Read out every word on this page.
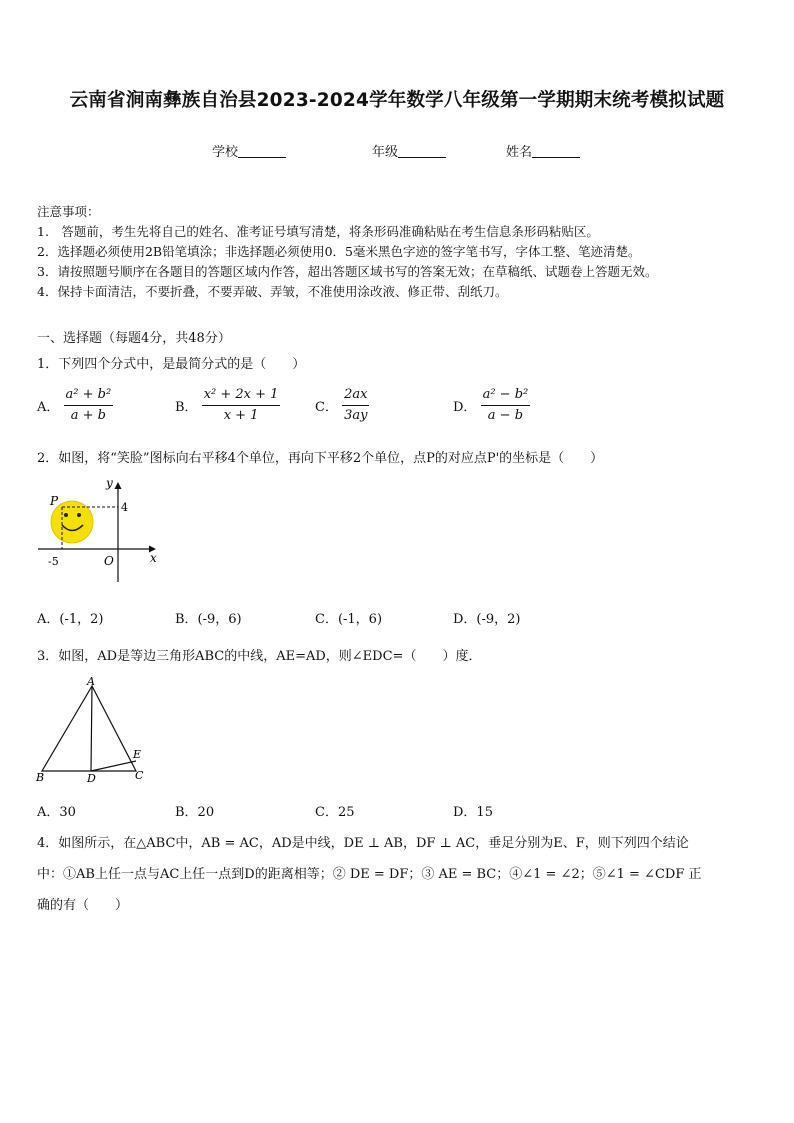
云南省涧南彝族自治县2023-2024学年数学八年级第一学期期末统考模拟试题
学校	年级	姓名
注意事项：
1.　答题前，考生先将自己的姓名、准考证号填写清楚，将条形码准确粘贴在考生信息条形码粘贴区。
2．选择题必须使用2B铅笔填涂；非选择题必须使用0．5毫米黑色字迹的签字笔书写，字体工整、笔迹清楚。
3．请按照题号顺序在各题目的答题区域内作答，超出答题区域书写的答案无效；在草稿纸、试题卷上答题无效。
4．保持卡面清洁，不要折叠，不要弄破、弄皱，不准使用涂改液、修正带、刮纸刀。
一、选择题（每题4分，共48分）
1．下列四个分式中，是最简分式的是（　　）
A． $\frac{\text{a² + b²}}{a + b}$	B． $\frac{\text{x² + 2x + 1}}{x + 1}$	C． $\frac{2ax}{3ay}$	D． $\frac{\text{a² − b²}}{a - b}$
2．如图，将“笑脸”图标向右平移4个单位，再向下平移2个单位，点P的对应点P'的坐标是（　　）
P
y
x
O
4
-5
A．(-1，2)	B．(-9，6)	C．(-1，6)	D．(-9，2)
3．如图，AD是等边三角形ABC的中线，AE=AD，则∠EDC=（　　）度．
A
B	C
D
E
A．30	B．20	C．25	D．15
4．如图所示，在△ABC中，AB = AC，AD是中线，DE ⊥ AB，DF ⊥ AC，垂足分别为E、F，则下列四个结论
中：①AB上任一点与AC上任一点到D的距离相等；② DE = DF；③ AE = BC；④∠1 = ∠2；⑤∠1 = ∠CDF 正
确的有（　　）
